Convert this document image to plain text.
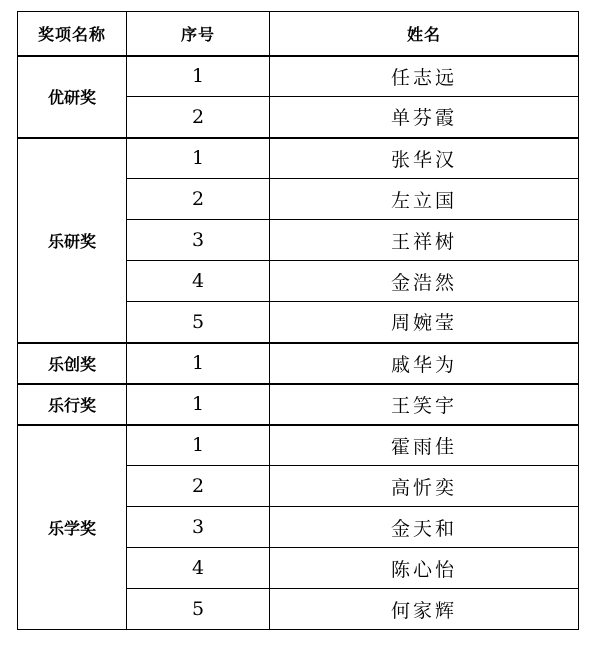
奖项名称	序号	姓名
优研奖	1	任志远
	2	单芬霞
乐研奖	1	张华汉
	2	左立国
	3	王祥树
	4	金浩然
	5	周婉莹
乐创奖	1	戚华为
乐行奖	1	王笑宇
乐学奖	1	霍雨佳
	2	高忻奕
	3	金天和
	4	陈心怡
	5	何家辉
